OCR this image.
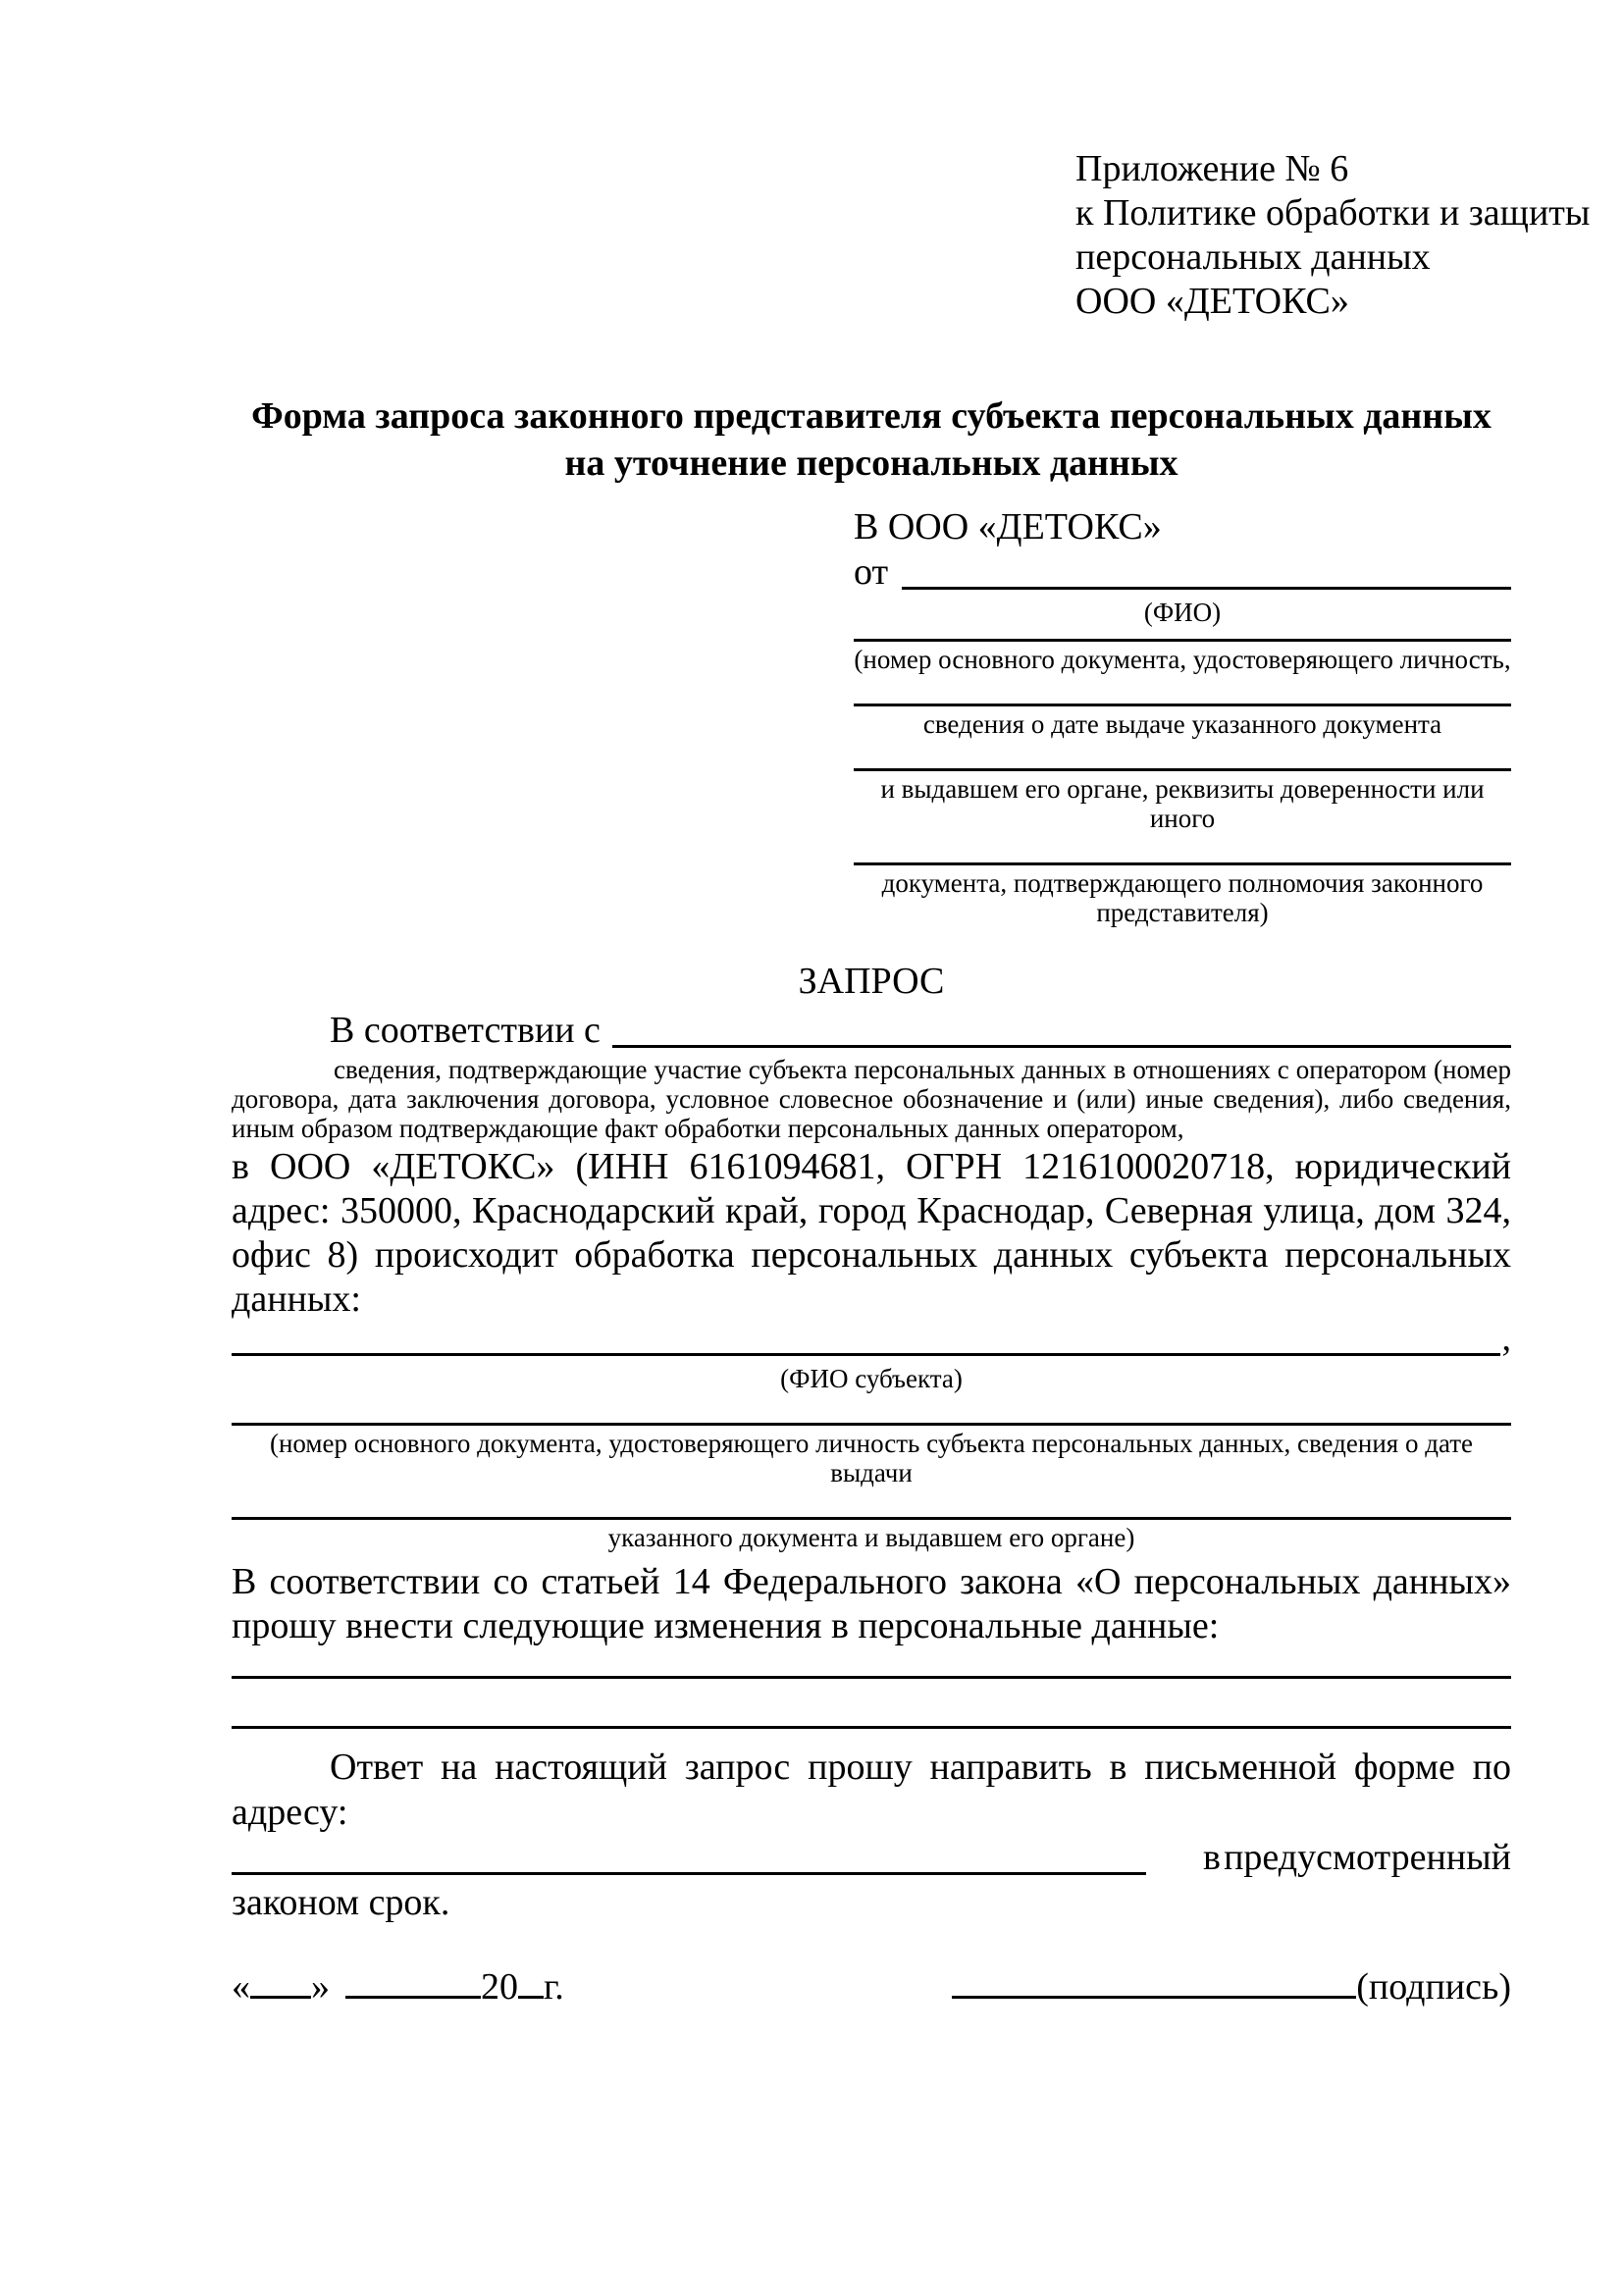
Приложение № 6
к Политике обработки и защиты
персональных данных
ООО «ДЕТОКС»
Форма запроса законного представителя субъекта персональных данных
на уточнение персональных данных
В ООО «ДЕТОКС»
от
(ФИО)
(номер основного документа, удостоверяющего личность,
сведения о дате выдаче указанного документа
и выдавшем его органе, реквизиты доверенности или иного
документа, подтверждающего полномочия законного представителя)
ЗАПРОС
В соответствии с
сведения, подтверждающие участие субъекта персональных данных в отношениях с оператором (номер договора, дата заключения договора, условное словесное обозначение и (или) иные сведения), либо сведения, иным образом подтверждающие факт обработки персональных данных оператором,
в ООО «ДЕТОКС» (ИНН 6161094681, ОГРН 1216100020718, юридический адрес: 350000, Краснодарский край, город Краснодар, Северная улица, дом 324, офис 8) происходит обработка персональных данных субъекта персональных данных:
,
(ФИО субъекта)
(номер основного документа, удостоверяющего личность субъекта персональных данных, сведения о дате выдачи
указанного документа и выдавшем его органе)
В соответствии со статьей 14 Федерального закона «О персональных данных» прошу внести следующие изменения в персональные данные:
Ответ на настоящий запрос прошу направить в письменной форме по адресу:
в предусмотренный
законом срок.
« »	20 г.	(подпись)
